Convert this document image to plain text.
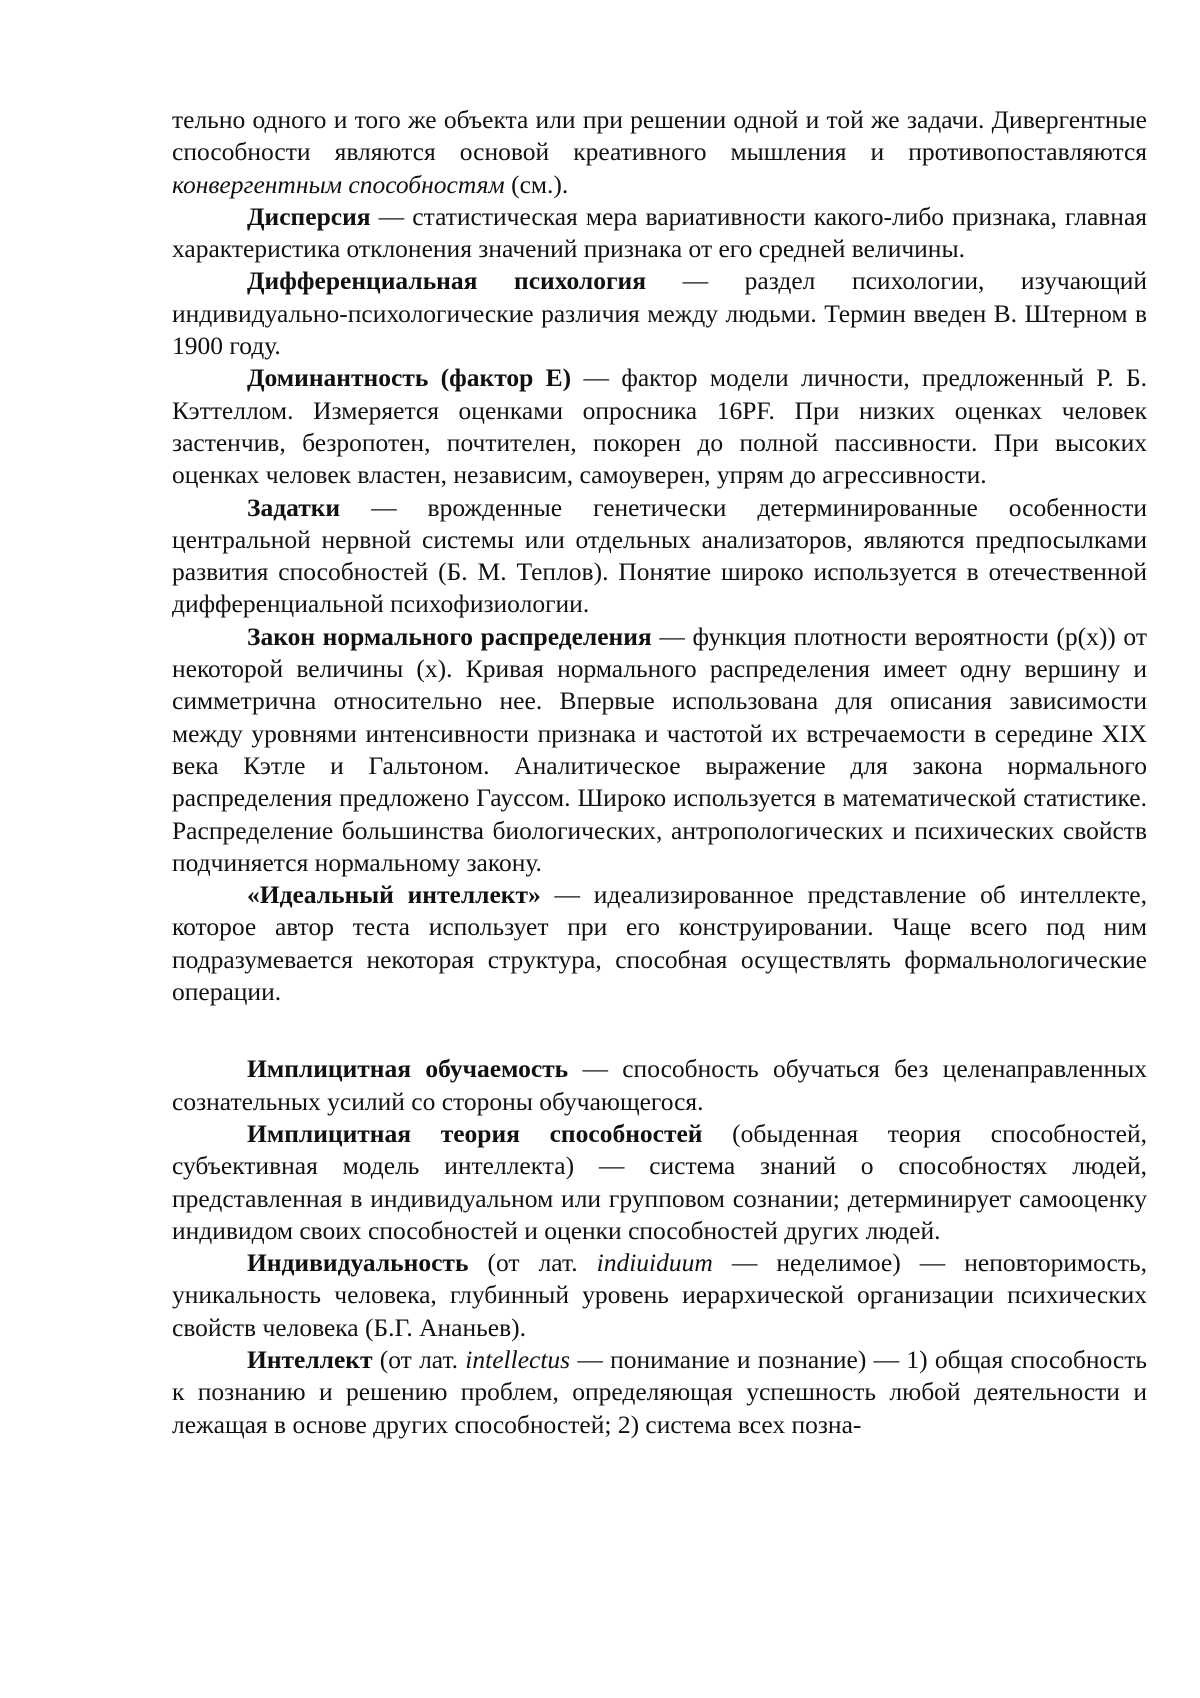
тельно одного и того же объекта или при решении одной и той же задачи. Дивергентные способности являются основой креативного мышления и противопоставляются конвергентным способностям (см.).

Дисперсия — статистическая мера вариативности какого-либо признака, главная характеристика отклонения значений признака от его средней величины.

Дифференциальная психология — раздел психологии, изучающий индивидуально-психологические различия между людьми. Термин введен В. Штерном в 1900 году.

Доминантность (фактор Е) — фактор модели личности, предложенный Р. Б. Кэттеллом. Измеряется оценками опросника 16PF. При низких оценках человек застенчив, безропотен, почтителен, покорен до полной пассивности. При высоких оценках человек властен, независим, самоуверен, упрям до агрессивности.

Задатки — врожденные генетически детерминированные особенности центральной нервной системы или отдельных анализаторов, являются предпосылками развития способностей (Б. М. Теплов). Понятие широко используется в отечественной дифференциальной психофизиологии.

Закон нормального распределения — функция плотности вероятности (p(x)) от некоторой величины (x). Кривая нормального распределения имеет одну вершину и симметрична относительно нее. Впервые использована для описания зависимости между уровнями интенсивности признака и частотой их встречаемости в середине XIX века Кэтле и Гальтоном. Аналитическое выражение для закона нормального распределения предложено Гауссом. Широко используется в математической статистике. Распределение большинства биологических, антропологических и психических свойств подчиняется нормальному закону.

«Идеальный интеллект» — идеализированное представление об интеллекте, которое автор теста использует при его конструировании. Чаще всего под ним подразумевается некоторая структура, способная осуществлять формальнологические операции.

Имплицитная обучаемость — способность обучаться без целенаправленных сознательных усилий со стороны обучающегося.

Имплицитная теория способностей (обыденная теория способностей, субъективная модель интеллекта) — система знаний о способностях людей, представленная в индивидуальном или групповом сознании; детерминирует самооценку индивидом своих способностей и оценки способностей других людей.

Индивидуальность (от лат. indiuiduum — неделимое) — неповторимость, уникальность человека, глубинный уровень иерархической организации психических свойств человека (Б.Г. Ананьев).

Интеллект (от лат. intellectus — понимание и познание) — 1) общая способность к познанию и решению проблем, определяющая успешность любой деятельности и лежащая в основе других способностей; 2) система всех позна-
